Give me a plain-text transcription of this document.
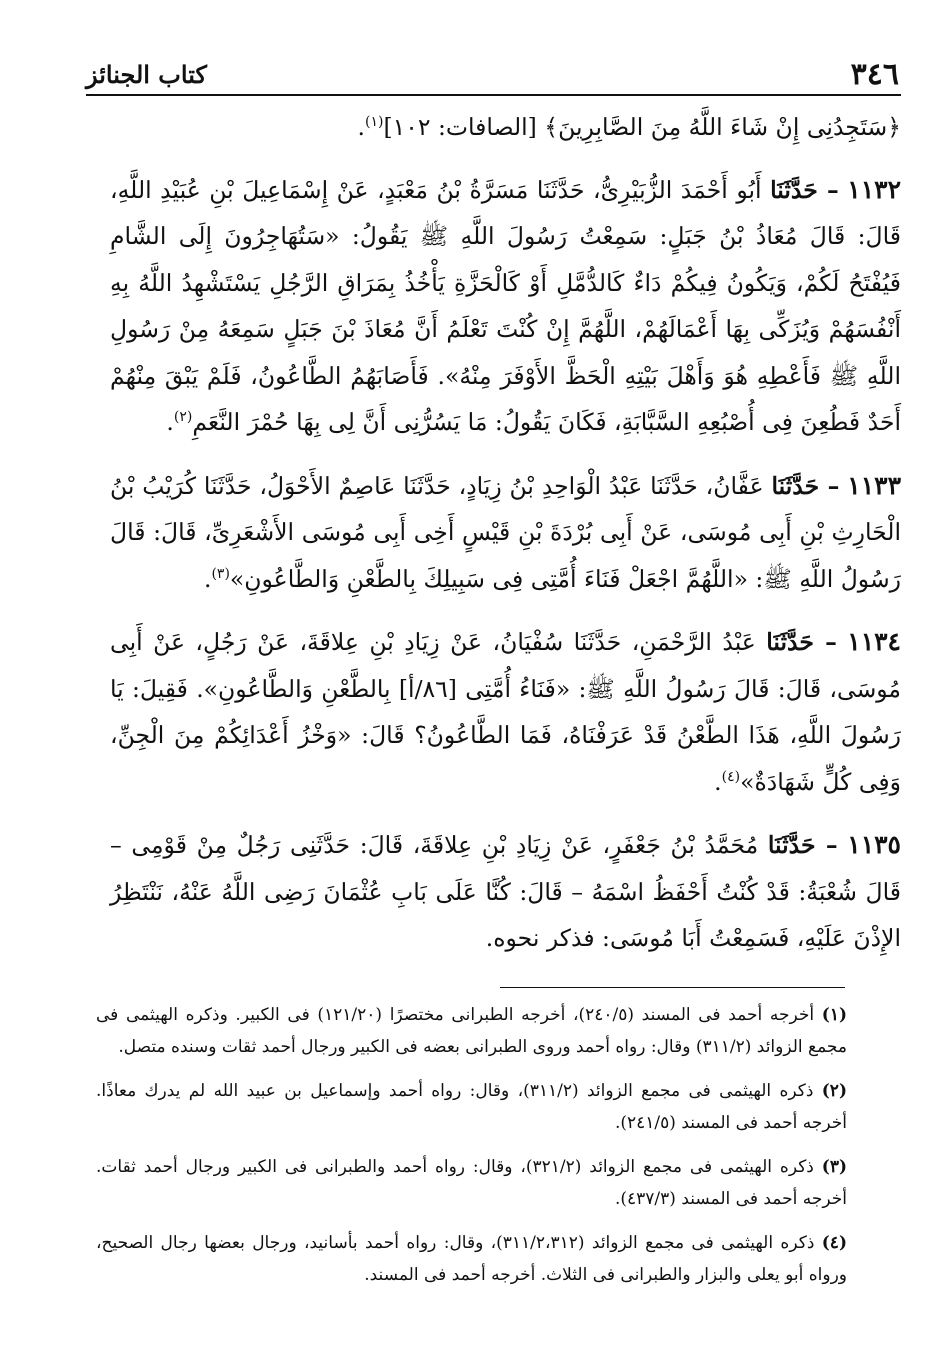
٣٤٦
كتاب الجنائز

﴿سَتَجِدُنِى إِنْ شَاءَ اللَّهُ مِنَ الصَّابِرِينَ﴾ [الصافات: ١٠٢]$^{(١)}$.

١١٣٢ – حَدَّثَنَا أَبُو أَحْمَدَ الزُّبَيْرِىُّ، حَدَّثَنَا مَسَرَّةُ بْنُ مَعْبَدٍ، عَنْ إِسْمَاعِيلَ بْنِ عُبَيْدِ اللَّهِ، قَالَ: قَالَ مُعَاذُ بْنُ جَبَلٍ: سَمِعْتُ رَسُولَ اللَّهِ ﷺ يَقُولُ: «سَتُهَاجِرُونَ إِلَى الشَّامِ فَيُفْتَحُ لَكُمْ، وَيَكُونُ فِيكُمْ دَاءٌ كَالدُّمَّلِ أَوْ كَالْحَزَّةِ يَأْخُذُ بِمَرَاقِ الرَّجُلِ يَسْتَشْهِدُ اللَّهُ بِهِ أَنْفُسَهُمْ وَيُزَكِّى بِهَا أَعْمَالَهُمْ، اللَّهُمَّ إِنْ كُنْتَ تَعْلَمُ أَنَّ مُعَاذَ بْنَ جَبَلٍ سَمِعَهُ مِنْ رَسُولِ اللَّهِ ﷺ فَأَعْطِهِ هُوَ وَأَهْلَ بَيْتِهِ الْحَظَّ الأَوْفَرَ مِنْهُ». فَأَصَابَهُمُ الطَّاعُونُ، فَلَمْ يَبْقَ مِنْهُمْ أَحَدٌ فَطُعِنَ فِى أُصْبُعِهِ السَّبَّابَةِ، فَكَانَ يَقُولُ: مَا يَسُرُّنِى أَنَّ لِى بِهَا حُمْرَ النَّعَمِ$^{(٢)}$.

١١٣٣ – حَدَّثَنَا عَفَّانُ، حَدَّثَنَا عَبْدُ الْوَاحِدِ بْنُ زِيَادٍ، حَدَّثَنَا عَاصِمٌ الأَحْوَلُ، حَدَّثَنَا كُرَيْبُ بْنُ الْحَارِثِ بْنِ أَبِى مُوسَى، عَنْ أَبِى بُرْدَةَ بْنِ قَيْسٍ أَخِى أَبِى مُوسَى الأَشْعَرِىِّ، قَالَ: قَالَ رَسُولُ اللَّهِ ﷺ: «اللَّهُمَّ اجْعَلْ فَنَاءَ أُمَّتِى فِى سَبِيلِكَ بِالطَّعْنِ وَالطَّاعُونِ»$^{(٣)}$.

١١٣٤ – حَدَّثَنَا عَبْدُ الرَّحْمَنِ، حَدَّثَنَا سُفْيَانُ، عَنْ زِيَادِ بْنِ عِلاقَةَ، عَنْ رَجُلٍ، عَنْ أَبِى مُوسَى، قَالَ: قَالَ رَسُولُ اللَّهِ ﷺ: «فَنَاءُ أُمَّتِى [٨٦/أ] بِالطَّعْنِ وَالطَّاعُونِ». فَقِيلَ: يَا رَسُولَ اللَّهِ، هَذَا الطَّعْنُ قَدْ عَرَفْنَاهُ، فَمَا الطَّاعُونُ؟ قَالَ: «وَخْزُ أَعْدَائِكُمْ مِنَ الْجِنِّ، وَفِى كُلٍّ شَهَادَةٌ»$^{(٤)}$.

١١٣٥ – حَدَّثَنَا مُحَمَّدُ بْنُ جَعْفَرٍ، عَنْ زِيَادِ بْنِ عِلاقَةَ، قَالَ: حَدَّثَنِى رَجُلٌ مِنْ قَوْمِى – قَالَ شُعْبَةُ: قَدْ كُنْتُ أَحْفَظُ اسْمَهُ – قَالَ: كُنَّا عَلَى بَابِ عُثْمَانَ رَضِى اللَّهُ عَنْهُ، نَنْتَظِرُ الإِذْنَ عَلَيْهِ، فَسَمِعْتُ أَبَا مُوسَى: فذكر نحوه.

(١) أخرجه أحمد فى المسند (٢٤٠/٥)، أخرجه الطبرانى مختصرًا (١٢١/٢٠) فى الكبير. وذكره الهيثمى فى مجمع الزوائد (٣١١/٢) وقال: رواه أحمد وروى الطبرانى بعضه فى الكبير ورجال أحمد ثقات وسنده متصل.

(٢) ذكره الهيثمى فى مجمع الزوائد (٣١١/٢)، وقال: رواه أحمد وإسماعيل بن عبيد الله لم يدرك معاذًا. أخرجه أحمد فى المسند (٢٤١/٥).

(٣) ذكره الهيثمى فى مجمع الزوائد (٣٢١/٢)، وقال: رواه أحمد والطبرانى فى الكبير ورجال أحمد ثقات. أخرجه أحمد فى المسند (٤٣٧/٣).

(٤) ذكره الهيثمى فى مجمع الزوائد (٣١١/٢،٣١٢)، وقال: رواه أحمد بأسانيد، ورجال بعضها رجال الصحيح، ورواه أبو يعلى والبزار والطبرانى فى الثلاث. أخرجه أحمد فى المسند.
